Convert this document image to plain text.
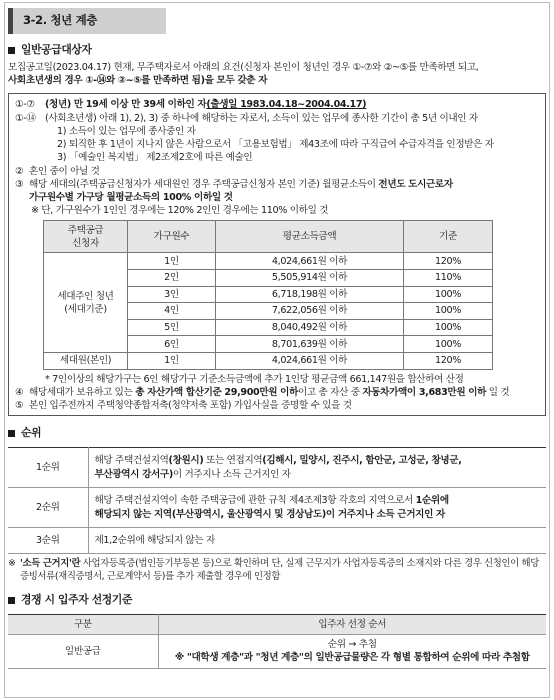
3-2. 청년 계층
일반공급대상자
모집공고일(2023.04.17) 현재, 무주택자로서 아래의 요건(신청자 본인이 청년인 경우 ①-⑦와 ②~⑤를 만족하면 되고,
사회초년생의 경우 ①-⑭와 ②~⑤를 만족하면 됨)을 모두 갖춘 자
①-⑦	(청년) 만 19세 이상 만 39세 이하인 자(출생일 1983.04.18~2004.04.17)
①-⑭ (사회초년생) 아래 1), 2), 3) 중 하나에 해당하는 자로서, 소득이 있는 업무에 종사한 기간이 총 5년 이내인 자
1) 소득이 있는 업무에 종사중인 자
2) 퇴직한 후 1년이 지나지 않은 사람으로서 「고용보험법」 제43조에 따라 구직급여 수급자격을 인정받은 자
3) 「예술인 복지법」 제2조제2호에 따른 예술인
② 혼인 중이 아닐 것
③ 해당 세대의(주택공급신청자가 세대원인 경우 주택공급신청자 본인 기준) 월평균소득이 전년도 도시근로자
가구원수별 가구당 월평균소득의 100% 이하일 것
※ 단, 가구원수가 1인인 경우에는 120% 2인인 경우에는 110% 이하일 것
주택공급
신청자	가구원수	평균소득금액	기준
세대주인 청년
(세대기준)	1인	4,024,661원 이하	120%
	2인	5,505,914원 이하	110%
	3인	6,718,198원 이하	100%
	4인	7,622,056원 이하	100%
	5인	8,040,492원 이하	100%
	6인	8,701,639원 이하	100%
세대원(본인)	1인	4,024,661원 이하	120%
* 7인이상의 해당가구는 6인 해당가구 기준소득금액에 추가 1인당 평균금액 661,147원을 합산하여 산정
④ 해당세대가 보유하고 있는 총 자산가액 합산기준 29,900만원 이하이고 총 자산 중 자동차가액이 3,683만원 이하 일 것
⑤ 본인 입주전까지 주택청약종합저축(청약저축 포함) 가입사실을 증명할 수 있을 것
순위
1순위	해당 주택건설지역(창원시) 또는 연접지역(김해시, 밀양시, 진주시, 함안군, 고성군, 창녕군,
부산광역시 강서구)이 거주지나 소득 근거지인 자
2순위	해당 주택건설지역이 속한 주택공급에 관한 규칙 제4조제3항 각호의 지역으로서 1순위에
해당되지 않는 지역(부산광역시, 울산광역시 및 경상남도)이 거주지나 소득 근거지인 자
3순위	제1,2순위에 해당되지 않는 자
※ '소득 근거지'란 사업자등록증(법인등기부등본 등)으로 확인하며 단, 실제 근무지가 사업자등록증의 소재지와 다른 경우 신청인이 해당 증빙서류(재직증명서, 근로계약서 등)를 추가 제출할 경우에 인정함
경쟁 시 입주자 선정기준
구분	입주자 선정 순서
일반공급	순위 → 추첨
※ "대학생 계층"과 "청년 계층"의 일반공급물량은 각 형별 통합하여 순위에 따라 추첨함
